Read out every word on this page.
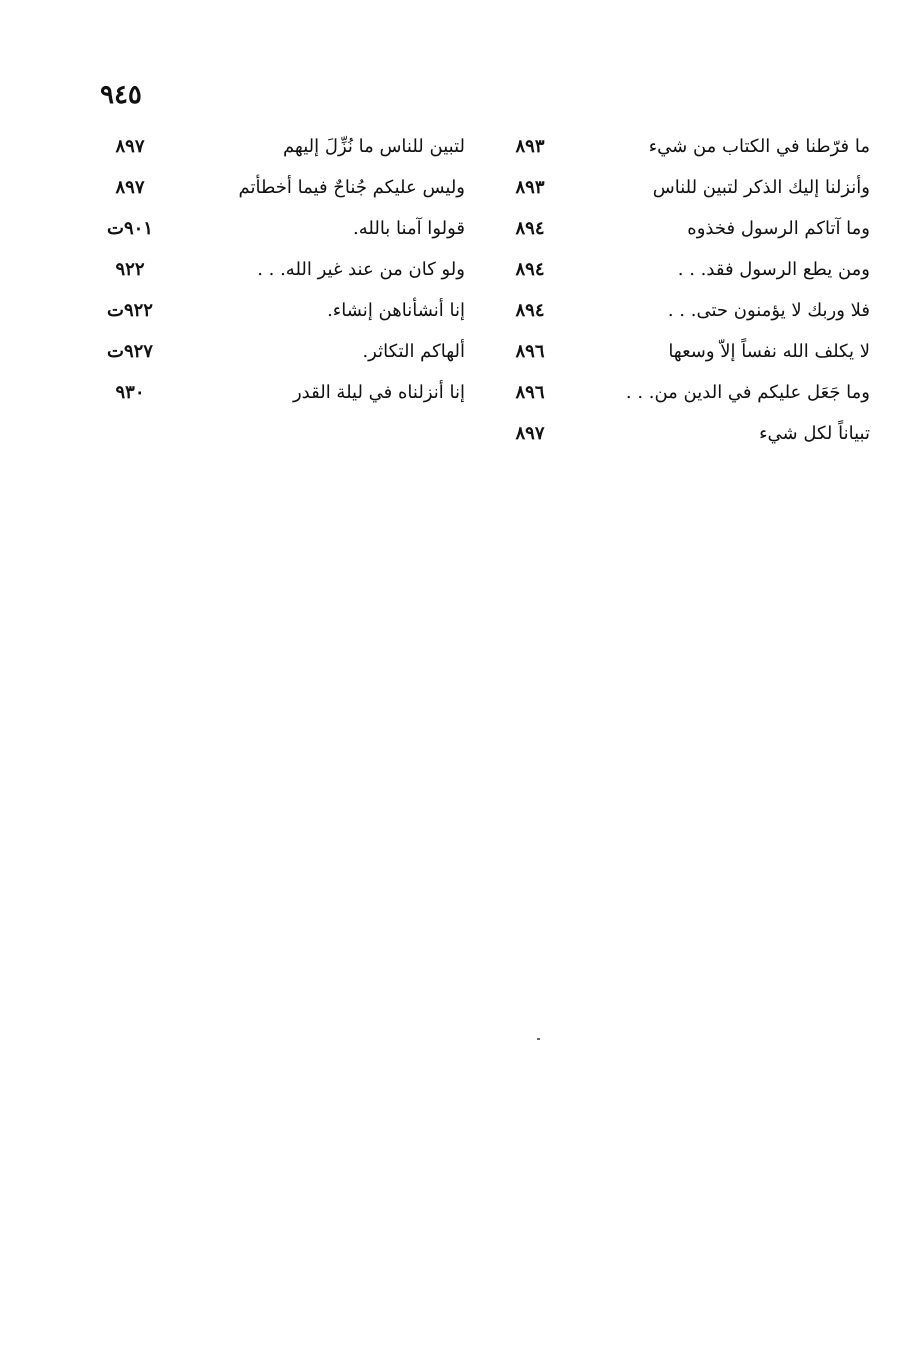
٩٤٥
ما فرّطنا في الكتاب من شيء
٨٩٣
وأنزلنا إليك الذكر لتبين للناس
٨٩٣
وما آتاكم الرسول فخذوه
٨٩٤
ومن يطع الرسول فقد. . .
٨٩٤
فلا وربك لا يؤمنون حتى. . .
٨٩٤
لا يكلف الله نفساً إلاّ وسعها
٨٩٦
وما جَعَل عليكم في الدين من. . .
٨٩٦
تبياناً لكل شيء
٨٩٧
لتبين للناس ما نُزِّلَ إليهم
٨٩٧
وليس عليكم جُناحٌ فيما أخطأتم
٨٩٧
قولوا آمنا بالله.
٩٠١ت
ولو كان من عند غير الله. . .
٩٢٢
إنا أنشأناهن إنشاء.
٩٢٢ت
ألهاكم التكاثر.
٩٢٧ت
إنا أنزلناه في ليلة القدر
٩٣٠
